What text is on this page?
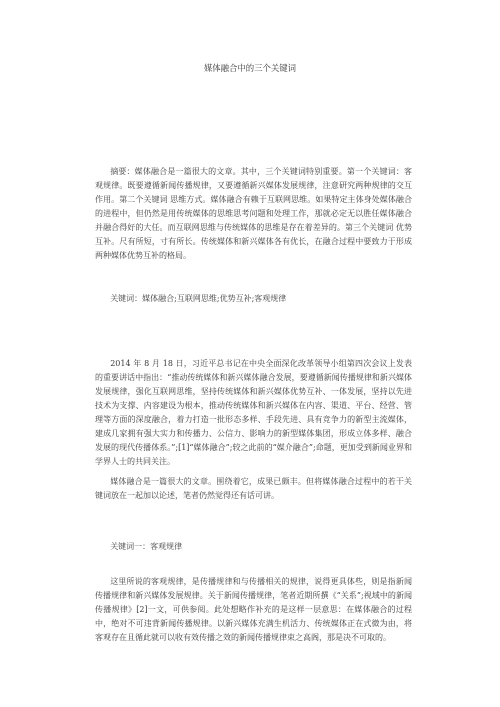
媒体融合中的三个关键词

摘要：媒体融合是一篇很大的文章。其中，三个关键词特别重要。第一个关键词：客观规律。既要遵循新闻传播规律，又要遵循新兴媒体发展规律，注意研究两种规律的交互作用。第二个关键词 思维方式。媒体融合有赖于互联网思维。如果特定主体身处媒体融合的进程中，但仍然是用传统媒体的思维思考问题和处理工作，那就必定无以胜任媒体融合并融合得好的大任。而互联网思维与传统媒体的思维是存在着差异的。第三个关键词 优势互补。尺有所短，寸有所长。传统媒体和新兴媒体各有优长，在融合过程中要致力于形成两种媒体优势互补的格局。

关键词：媒体融合;互联网思维;优势互补;客观规律

2014 年 8 月 18 日，习近平总书记在中央全面深化改革领导小组第四次会议上发表的重要讲话中指出：“推动传统媒体和新兴媒体融合发展，要遵循新闻传播规律和新兴媒体发展规律，强化互联网思维，坚持传统媒体和新兴媒体优势互补、一体发展，坚持以先进技术为支撑、内容建设为根本，推动传统媒体和新兴媒体在内容、渠道、平台、经营、管理等方面的深度融合，着力打造一批形态多样、手段先进、具有竞争力的新型主流媒体，建成几家拥有强大实力和传播力、公信力、影响力的新型媒体集团，形成立体多样、融合发展的现代传播体系。”;[1]“媒体融合”;较之此前的“媒介融合”;命题，更加受到新闻业界和学界人士的共同关注。

媒体融合是一篇很大的文章。围绕着它，成果已颇丰。但将媒体融合过程中的若干关键词放在一起加以论述，笔者仍然觉得还有话可讲。

关键词一：客观规律

这里所说的客观规律，是传播规律和与传播相关的规律，说得更具体些，则是指新闻传播规律和新兴媒体发展规律。关于新闻传播规律，笔者近期所撰《“关系”;视域中的新闻传播规律》[2]一文，可供参阅。此处想略作补充的是这样一层意思：在媒体融合的过程中，绝对不可违背新闻传播规律。以新兴媒体充满生机活力、传统媒体正在式微为由，将客观存在且循此就可以收有效传播之效的新闻传播规律束之高阁，那是决不可取的。
